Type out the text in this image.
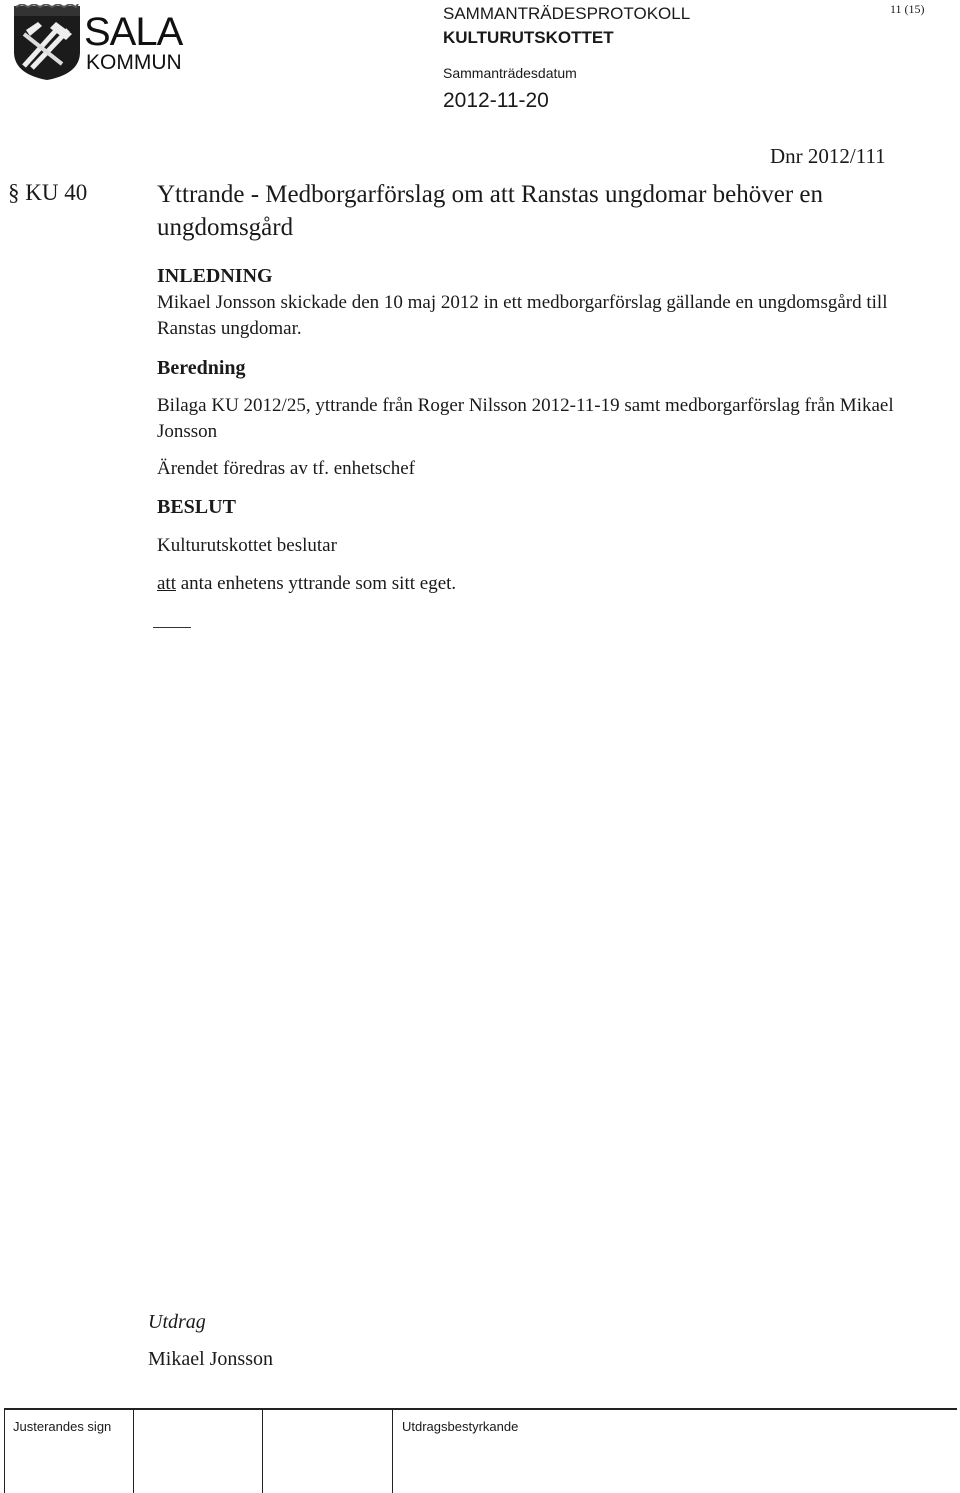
SALA
KOMMUN
SAMMANTRÄDESPROTOKOLL
KULTURUTSKOTTET
Sammanträdesdatum
2012-11-20
11 (15)
Dnr 2012/111
§ KU 40	Yttrande - Medborgarförslag om att Ranstas ungdomar behöver en ungdomsgård
INLEDNING
Mikael Jonsson skickade den 10 maj 2012 in ett medborgarförslag gällande en ungdomsgård till Ranstas ungdomar.
Beredning
Bilaga KU 2012/25, yttrande från Roger Nilsson 2012-11-19 samt medborgarförslag från Mikael Jonsson
Ärendet föredras av tf. enhetschef
BESLUT
Kulturutskottet beslutar
att anta enhetens yttrande som sitt eget.
Utdrag
Mikael Jonsson
Justerandes sign	Utdragsbestyrkande
